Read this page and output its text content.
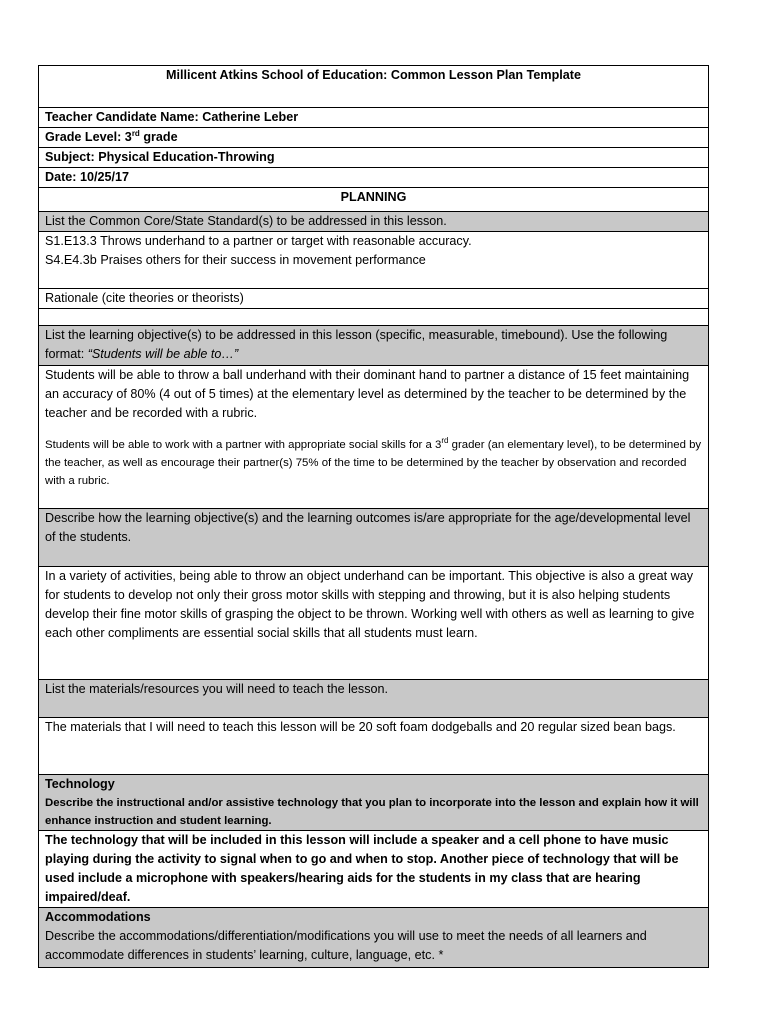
Millicent Atkins School of Education: Common Lesson Plan Template
Teacher Candidate Name: Catherine Leber
Grade Level: 3rd grade
Subject: Physical Education-Throwing
Date: 10/25/17
PLANNING
List the Common Core/State Standard(s) to be addressed in this lesson.

S1.E13.3 Throws underhand to a partner or target with reasonable accuracy.

S4.E4.3b Praises others for their success in movement performance

Rationale (cite theories or theorists)

List the learning objective(s) to be addressed in this lesson (specific, measurable, timebound). Use the following format: “Students will be able to…”

Students will be able to throw a ball underhand with their dominant hand to partner a distance of 15 feet maintaining an accuracy of 80% (4 out of 5 times) at the elementary level as determined by the teacher to be determined by the teacher and be recorded with a rubric.

Students will be able to work with a partner with appropriate social skills for a 3rd grader (an elementary level), to be determined by the teacher, as well as encourage their partner(s) 75% of the time to be determined by the teacher by observation and recorded with a rubric.

Describe how the learning objective(s) and the learning outcomes is/are appropriate for the age/developmental level of the students.
In a variety of activities, being able to throw an object underhand can be important. This objective is also a great way for students to develop not only their gross motor skills with stepping and throwing, but it is also helping students develop their fine motor skills of grasping the object to be thrown. Working well with others as well as learning to give each other compliments are essential social skills that all students must learn.
List the materials/resources you will need to teach the lesson.
The materials that I will need to teach this lesson will be 20 soft foam dodgeballs and 20 regular sized bean bags.

Technology
Describe the instructional and/or assistive technology that you plan to incorporate into the lesson and explain how it will enhance instruction and student learning.

The technology that will be included in this lesson will include a speaker and a cell phone to have music playing during the activity to signal when to go and when to stop. Another piece of technology that will be used include a microphone with speakers/hearing aids for the students in my class that are hearing impaired/deaf.

Accommodations
Describe the accommodations/differentiation/modifications you will use to meet the needs of all learners and accommodate differences in students’ learning, culture, language, etc. *
